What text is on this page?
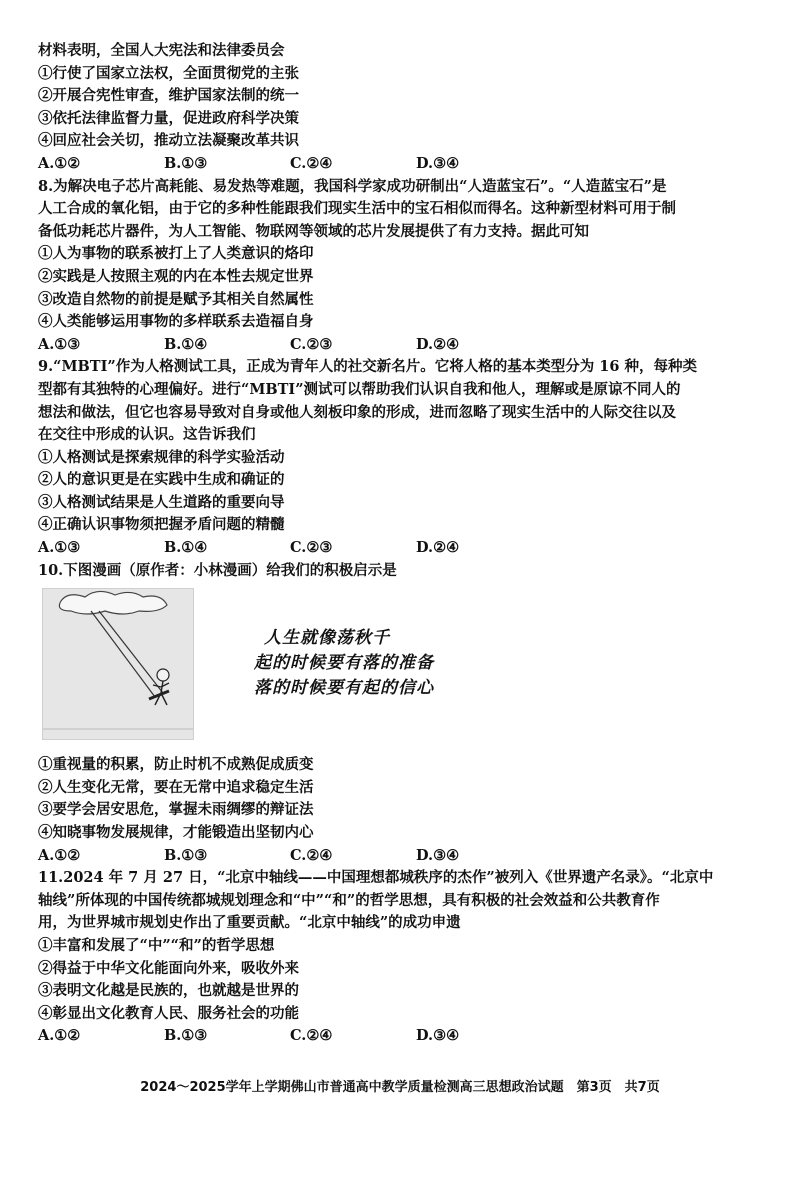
材料表明，全国人大宪法和法律委员会
①行使了国家立法权，全面贯彻党的主张
②开展合宪性审查，维护国家法制的统一
③依托法律监督力量，促进政府科学决策
④回应社会关切，推动立法凝聚改革共识
A.①②	B.①③	C.②④	D.③④
8.为解决电子芯片高耗能、易发热等难题，我国科学家成功研制出“人造蓝宝石”。“人造蓝宝石”是
人工合成的氧化铝，由于它的多种性能跟我们现实生活中的宝石相似而得名。这种新型材料可用于制
备低功耗芯片器件，为人工智能、物联网等领域的芯片发展提供了有力支持。据此可知
①人为事物的联系被打上了人类意识的烙印
②实践是人按照主观的内在本性去规定世界
③改造自然物的前提是赋予其相关自然属性
④人类能够运用事物的多样联系去造福自身
A.①③	B.①④	C.②③	D.②④
9.“MBTI”作为人格测试工具，正成为青年人的社交新名片。它将人格的基本类型分为 16 种，每种类
型都有其独特的心理偏好。进行“MBTI”测试可以帮助我们认识自我和他人，理解或是原谅不同人的
想法和做法，但它也容易导致对自身或他人刻板印象的形成，进而忽略了现实生活中的人际交往以及
在交往中形成的认识。这告诉我们
①人格测试是探索规律的科学实验活动
②人的意识更是在实践中生成和确证的
③人格测试结果是人生道路的重要向导
④正确认识事物须把握矛盾问题的精髓
A.①③	B.①④	C.②③	D.②④
10.下图漫画（原作者：小林漫画）给我们的积极启示是
人生就像荡秋千
起的时候要有落的准备
落的时候要有起的信心
①重视量的积累，防止时机不成熟促成质变
②人生变化无常，要在无常中追求稳定生活
③要学会居安思危，掌握未雨绸缪的辩证法
④知晓事物发展规律，才能锻造出坚韧内心
A.①②	B.①③	C.②④	D.③④
11.2024 年 7 月 27 日，“北京中轴线——中国理想都城秩序的杰作”被列入《世界遗产名录》。“北京中
轴线”所体现的中国传统都城规划理念和“中”“和”的哲学思想，具有积极的社会效益和公共教育作
用，为世界城市规划史作出了重要贡献。“北京中轴线”的成功申遗
①丰富和发展了“中”“和”的哲学思想
②得益于中华文化能面向外来，吸收外来
③表明文化越是民族的，也就越是世界的
④彰显出文化教育人民、服务社会的功能
A.①②	B.①③	C.②④	D.③④
2024～2025学年上学期佛山市普通高中教学质量检测高三思想政治试题　第3页　共7页
